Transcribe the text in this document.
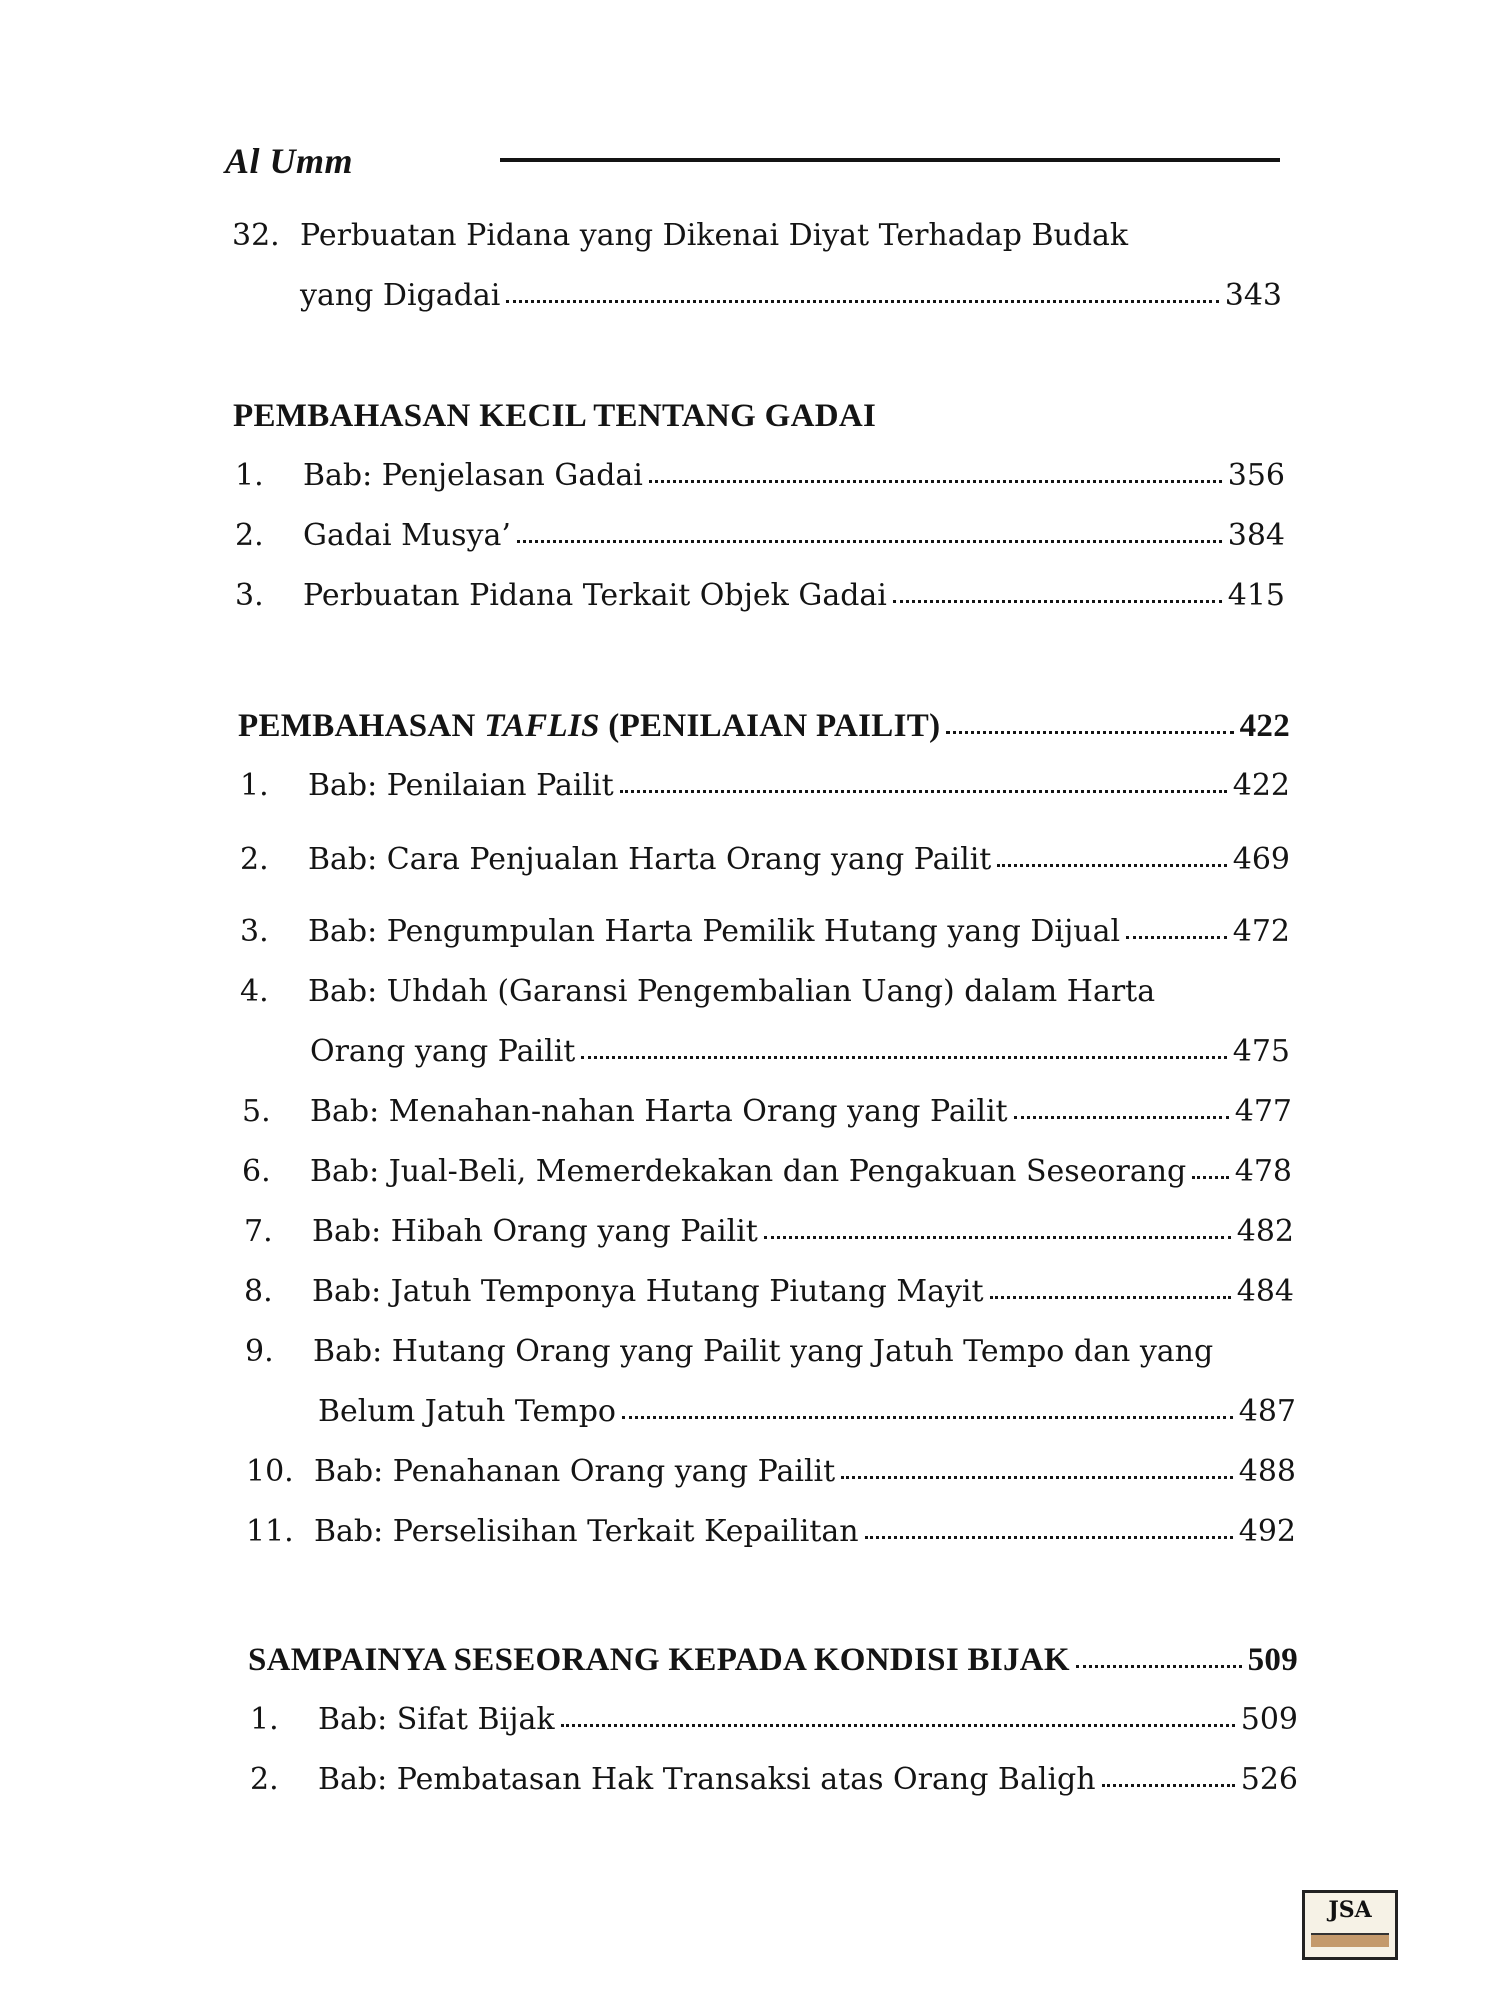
Al Umm
32. Perbuatan Pidana yang Dikenai Diyat Terhadap Budak
yang Digadai	343
PEMBAHASAN KECIL TENTANG GADAI
1.	Bab: Penjelasan Gadai	356
2.	Gadai Musya’	384
3.	Perbuatan Pidana Terkait Objek Gadai	415
PEMBAHASAN TAFLIS (PENILAIAN PAILIT)	422
1.	Bab: Penilaian Pailit	422
2.	Bab: Cara Penjualan Harta Orang yang Pailit	469
3.	Bab: Pengumpulan Harta Pemilik Hutang yang Dijual	472
4.	Bab: Uhdah (Garansi Pengembalian Uang) dalam Harta
Orang yang Pailit	475
5.	Bab: Menahan-nahan Harta Orang yang Pailit	477
6.	Bab: Jual-Beli, Memerdekakan dan Pengakuan Seseorang 478
7.	Bab: Hibah Orang yang Pailit	482
8.	Bab: Jatuh Temponya Hutang Piutang Mayit	484
9.	Bab: Hutang Orang yang Pailit yang Jatuh Tempo dan yang
Belum Jatuh Tempo	487
10. Bab: Penahanan Orang yang Pailit	488
11. Bab: Perselisihan Terkait Kepailitan	492
SAMPAINYA SESEORANG KEPADA KONDISI BIJAK	509
1.	Bab: Sifat Bijak	509
2.	Bab: Pembatasan Hak Transaksi atas Orang Baligh	526
JSA
